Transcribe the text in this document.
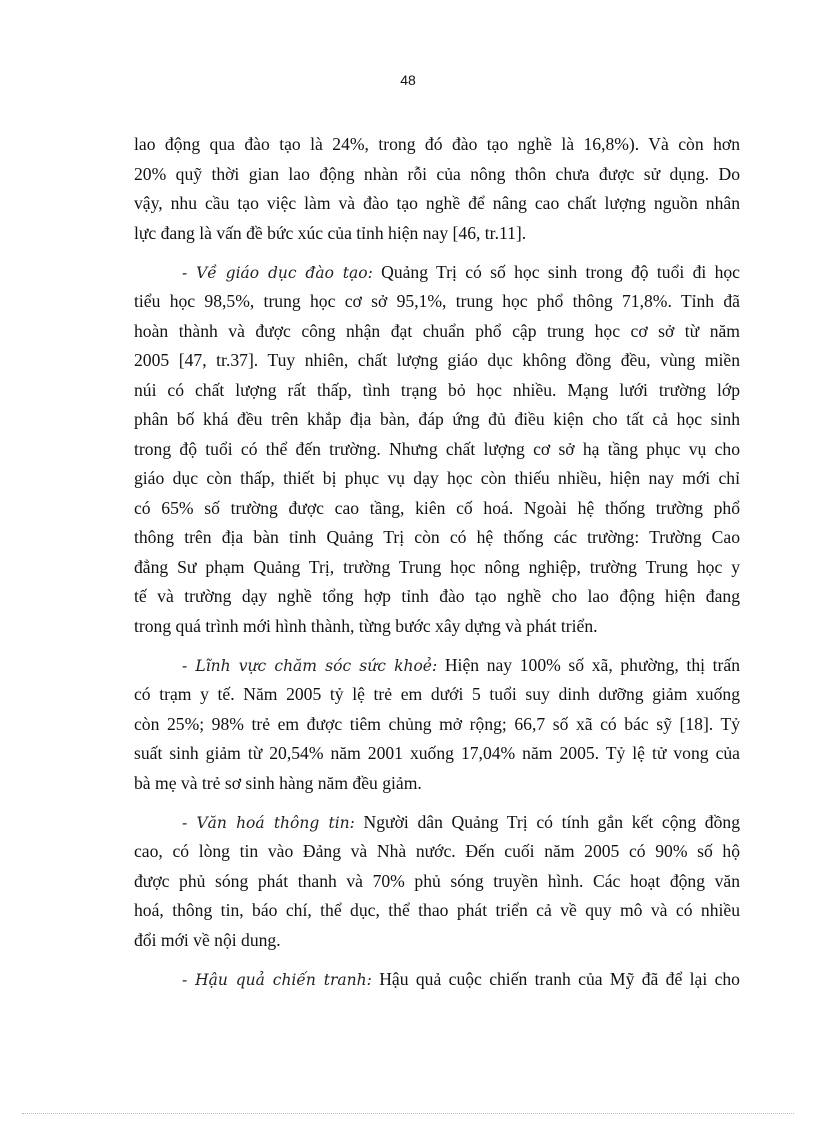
48
lao động qua đào tạo là 24%, trong đó đào tạo nghề là 16,8%). Và còn hơn
20% quỹ thời gian lao động nhàn rỗi của nông thôn chưa được sử dụng. Do
vậy, nhu cầu tạo việc làm và đào tạo nghề để nâng cao chất lượng nguồn nhân
lực đang là vấn đề bức xúc của tỉnh hiện nay [46, tr.11].
- Về giáo dục đào tạo: Quảng Trị có số học sinh trong độ tuổi đi học
tiểu học 98,5%, trung học cơ sở 95,1%, trung học phổ thông 71,8%. Tỉnh đã
hoàn thành và được công nhận đạt chuẩn phổ cập trung học cơ sở từ năm
2005 [47, tr.37]. Tuy nhiên, chất lượng giáo dục không đồng đều, vùng miền
núi có chất lượng rất thấp, tình trạng bỏ học nhiều. Mạng lưới trường lớp
phân bố khá đều trên khắp địa bàn, đáp ứng đủ điều kiện cho tất cả học sinh
trong độ tuổi có thể đến trường. Nhưng chất lượng cơ sở hạ tầng phục vụ cho
giáo dục còn thấp, thiết bị phục vụ dạy học còn thiếu nhiều, hiện nay mới chỉ
có 65% số trường được cao tầng, kiên cố hoá. Ngoài hệ thống trường phổ
thông trên địa bàn tỉnh Quảng Trị còn có hệ thống các trường: Trường Cao
đẳng Sư phạm Quảng Trị, trường Trung học nông nghiệp, trường Trung học y
tế và trường dạy nghề tổng hợp tỉnh đào tạo nghề cho lao động hiện đang
trong quá trình mới hình thành, từng bước xây dựng và phát triển.
- Lĩnh vực chăm sóc sức khoẻ: Hiện nay 100% số xã, phường, thị trấn
có trạm y tế. Năm 2005 tỷ lệ trẻ em dưới 5 tuổi suy dinh dưỡng giảm xuống
còn 25%; 98% trẻ em được tiêm chủng mở rộng; 66,7 số xã có bác sỹ [18]. Tỷ
suất sinh giảm từ 20,54% năm 2001 xuống 17,04% năm 2005. Tỷ lệ tử vong của
bà mẹ và trẻ sơ sinh hàng năm đều giảm.
- Văn hoá thông tin: Người dân Quảng Trị có tính gắn kết cộng đồng
cao, có lòng tin vào Đảng và Nhà nước. Đến cuối năm 2005 có 90% số hộ
được phủ sóng phát thanh và 70% phủ sóng truyền hình. Các hoạt động văn
hoá, thông tin, báo chí, thể dục, thể thao phát triển cả về quy mô và có nhiều
đổi mới về nội dung.
- Hậu quả chiến tranh: Hậu quả cuộc chiến tranh của Mỹ đã để lại cho
